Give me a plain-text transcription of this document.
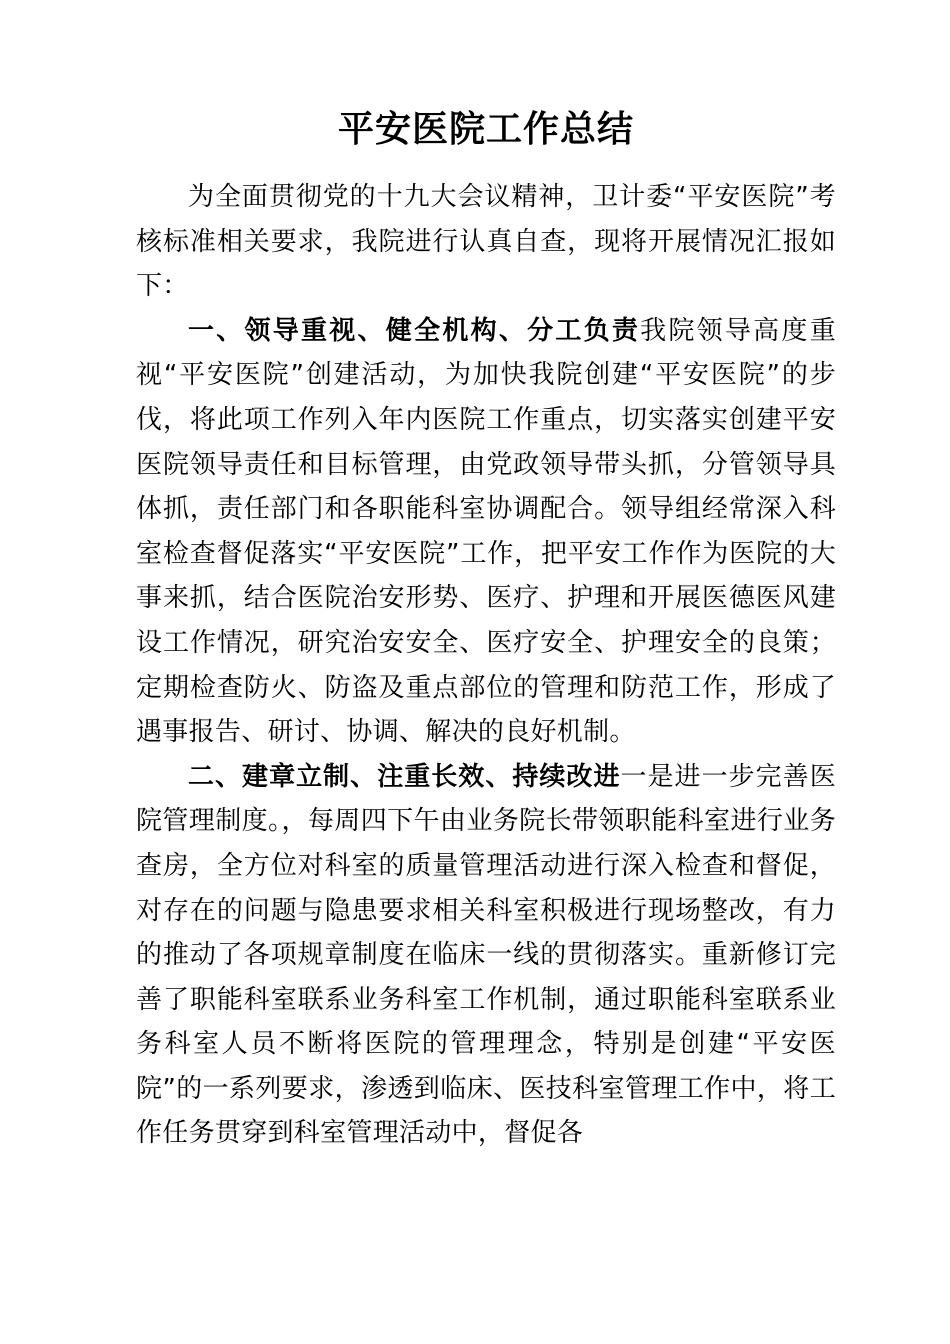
平安医院工作总结

为全面贯彻党的十九大会议精神，卫计委“平安医院”考核标准相关要求，我院进行认真自查，现将开展情况汇报如下：

一、领导重视、健全机构、分工负责我院领导高度重视“平安医院”创建活动，为加快我院创建“平安医院”的步伐，将此项工作列入年内医院工作重点，切实落实创建平安医院领导责任和目标管理，由党政领导带头抓，分管领导具体抓，责任部门和各职能科室协调配合。领导组经常深入科室检查督促落实“平安医院”工作，把平安工作作为医院的大事来抓，结合医院治安形势、医疗、护理和开展医德医风建设工作情况，研究治安安全、医疗安全、护理安全的良策；定期检查防火、防盗及重点部位的管理和防范工作，形成了遇事报告、研讨、协调、解决的良好机制。

二、建章立制、注重长效、持续改进一是进一步完善医院管理制度。，每周四下午由业务院长带领职能科室进行业务查房，全方位对科室的质量管理活动进行深入检查和督促，对存在的问题与隐患要求相关科室积极进行现场整改，有力的推动了各项规章制度在临床一线的贯彻落实。重新修订完善了职能科室联系业务科室工作机制，通过职能科室联系业务科室人员不断将医院的管理理念，特别是创建“平安医院”的一系列要求，渗透到临床、医技科室管理工作中，将工作任务贯穿到科室管理活动中，督促各
